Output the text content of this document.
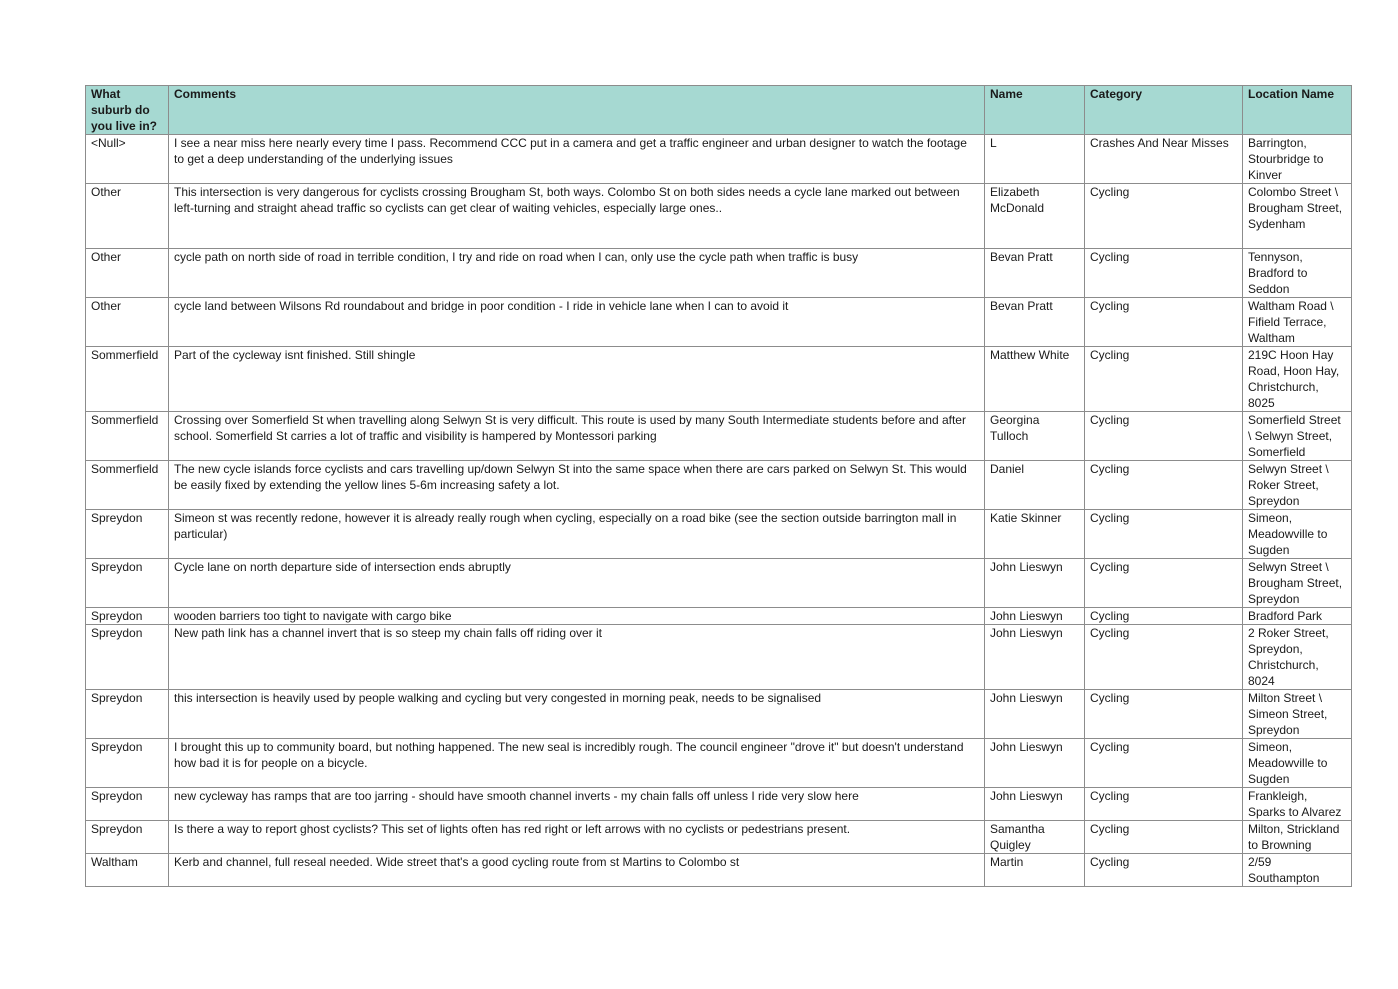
What suburb do you live in?	Comments	Name	Category	Location Name
<Null>	I see a near miss here nearly every time I pass. Recommend CCC put in a camera and get a traffic engineer and urban designer to watch the footage to get a deep understanding of the underlying issues	L	Crashes And Near Misses	Barrington, Stourbridge to Kinver
Other	This intersection is very dangerous for cyclists crossing Brougham St, both ways. Colombo St on both sides needs a cycle lane marked out between left-turning and straight ahead traffic so cyclists can get clear of waiting vehicles, especially large ones..	Elizabeth McDonald	Cycling	Colombo Street \ Brougham Street, Sydenham
Other	cycle path on north side of road in terrible condition, I try and ride on road when I can, only use the cycle path when traffic is busy	Bevan Pratt	Cycling	Tennyson, Bradford to Seddon
Other	cycle land between Wilsons Rd roundabout and bridge in poor condition - I ride in vehicle lane when I can to avoid it	Bevan Pratt	Cycling	Waltham Road \ Fifield Terrace, Waltham
Sommerfield	Part of the cycleway isnt finished. Still shingle	Matthew White	Cycling	219C Hoon Hay Road, Hoon Hay, Christchurch, 8025
Sommerfield	Crossing over Somerfield St when travelling along Selwyn St is very difficult. This route is used by many South Intermediate students before and after school. Somerfield St carries a lot of traffic and visibility is hampered by Montessori parking	Georgina Tulloch	Cycling	Somerfield Street \ Selwyn Street, Somerfield
Sommerfield	The new cycle islands force cyclists and cars travelling up/down Selwyn St into the same space when there are cars parked on Selwyn St. This would be easily fixed by extending the yellow lines 5-6m increasing safety a lot.	Daniel	Cycling	Selwyn Street \ Roker Street, Spreydon
Spreydon	Simeon st was recently redone, however it is already really rough when cycling, especially on a road bike (see the section outside barrington mall in particular)	Katie Skinner	Cycling	Simeon, Meadowville to Sugden
Spreydon	Cycle lane on north departure side of intersection ends abruptly	John Lieswyn	Cycling	Selwyn Street \ Brougham Street, Spreydon
Spreydon	wooden barriers too tight to navigate with cargo bike	John Lieswyn	Cycling	Bradford Park
Spreydon	New path link has a channel invert that is so steep my chain falls off riding over it	John Lieswyn	Cycling	2 Roker Street, Spreydon, Christchurch, 8024
Spreydon	this intersection is heavily used by people walking and cycling but very congested in morning peak, needs to be signalised	John Lieswyn	Cycling	Milton Street \ Simeon Street, Spreydon
Spreydon	I brought this up to community board, but nothing happened. The new seal is incredibly rough. The council engineer "drove it" but doesn't understand how bad it is for people on a bicycle.	John Lieswyn	Cycling	Simeon, Meadowville to Sugden
Spreydon	new cycleway has ramps that are too jarring - should have smooth channel inverts - my chain falls off unless I ride very slow here	John Lieswyn	Cycling	Frankleigh, Sparks to Alvarez
Spreydon	Is there a way to report ghost cyclists? This set of lights often has red right or left arrows with no cyclists or pedestrians present.	Samantha Quigley	Cycling	Milton, Strickland to Browning
Waltham	Kerb and channel, full reseal needed. Wide street that's a good cycling route from st Martins to Colombo st	Martin	Cycling	2/59 Southampton
